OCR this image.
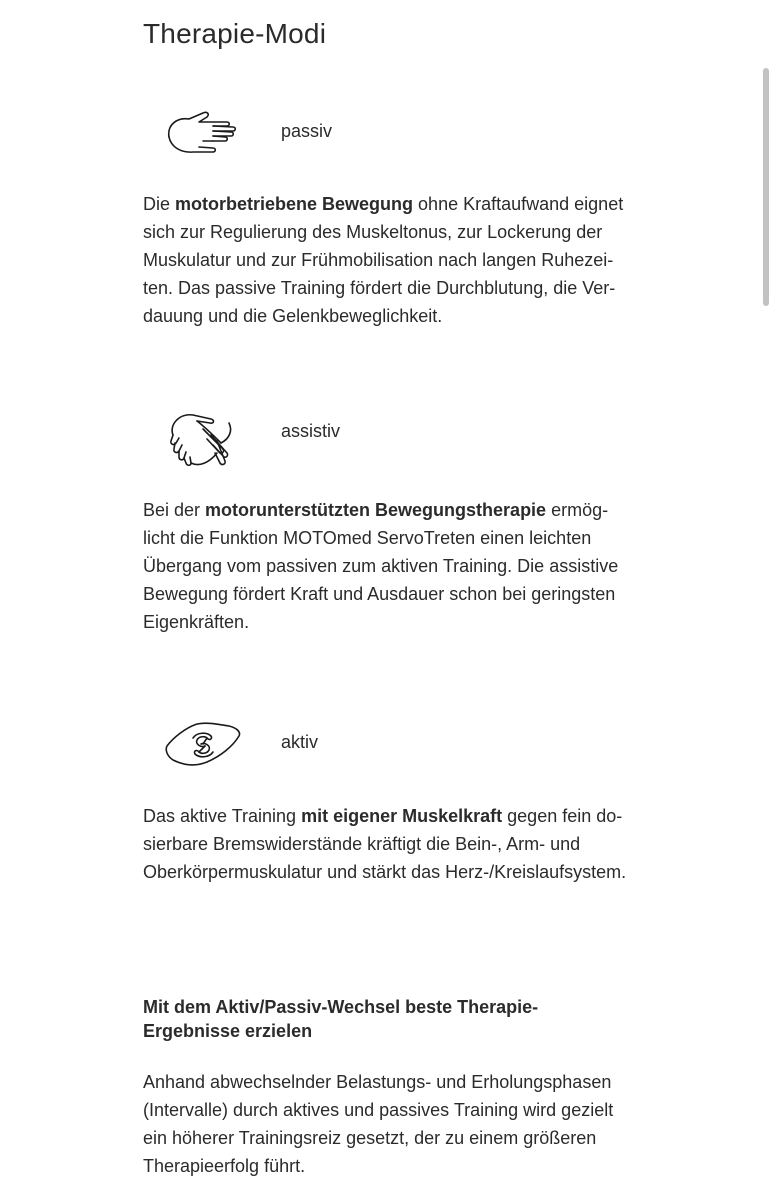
Therapie-Modi
passiv

Die motorbetriebene Bewegung ohne Kraftaufwand eignet sich zur Regulierung des Muskeltonus, zur Lockerung der Muskulatur und zur Frühmobilisation nach langen Ruhezeiten. Das passive Training fördert die Durchblutung, die Verdauung und die Gelenkbeweglichkeit.

assistiv

Bei der motorunterstützten Bewegungstherapie ermöglicht die Funktion MOTOmed ServoTreten einen leichten Übergang vom passiven zum aktiven Training. Die assistive Bewegung fördert Kraft und Ausdauer schon bei geringsten Eigenkräften.

aktiv

Das aktive Training mit eigener Muskelkraft gegen fein dosierbare Bremswiderstände kräftigt die Bein-, Arm- und Oberkörpermuskulatur und stärkt das Herz-/Kreislaufsystem.

Mit dem Aktiv/Passiv-Wechsel beste Therapie-Ergebnisse erzielen

Anhand abwechselnder Belastungs- und Erholungsphasen (Intervalle) durch aktives und passives Training wird gezielt ein höherer Trainingsreiz gesetzt, der zu einem größeren Therapieerfolg führt.
